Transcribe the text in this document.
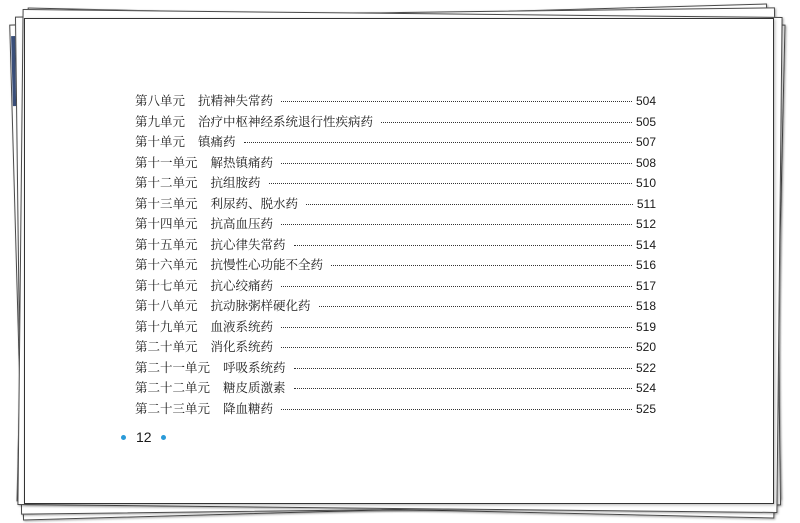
第八单元 抗精神失常药	504
第九单元 治疗中枢神经系统退行性疾病药	505
第十单元 镇痛药	507
第十一单元 解热镇痛药	508
第十二单元 抗组胺药	510
第十三单元 利尿药、脱水药	511
第十四单元 抗高血压药	512
第十五单元 抗心律失常药	514
第十六单元 抗慢性心功能不全药	516
第十七单元 抗心绞痛药	517
第十八单元 抗动脉粥样硬化药	518
第十九单元 血液系统药	519
第二十单元 消化系统药	520
第二十一单元 呼吸系统药	522
第二十二单元 糖皮质激素	524
第二十三单元 降血糖药	525
12
